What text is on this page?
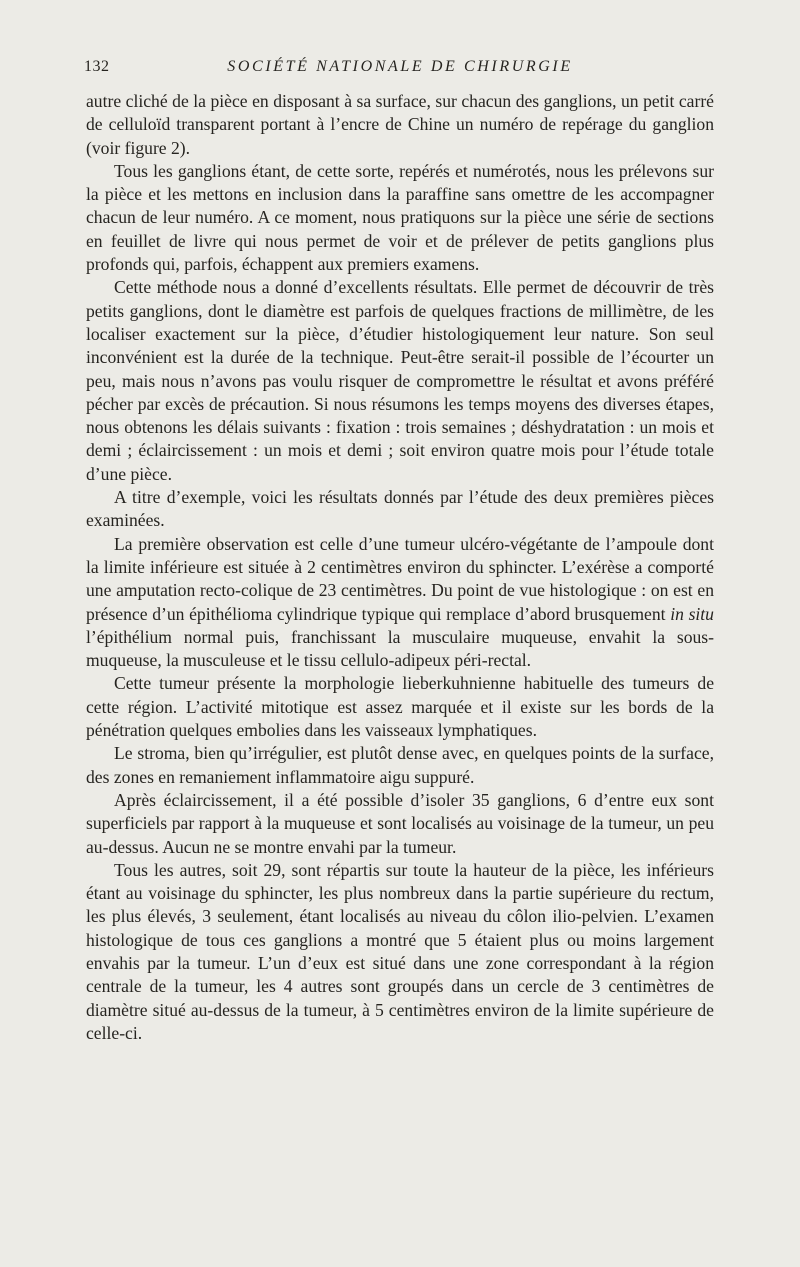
132	SOCIÉTÉ NATIONALE DE CHIRURGIE

autre cliché de la pièce en disposant à sa surface, sur chacun des ganglions, un petit carré de celluloïd transparent portant à l’encre de Chine un numéro de repérage du ganglion (voir figure 2).

Tous les ganglions étant, de cette sorte, repérés et numérotés, nous les prélevons sur la pièce et les mettons en inclusion dans la paraffine sans omettre de les accompagner chacun de leur numéro. A ce moment, nous pratiquons sur la pièce une série de sections en feuillet de livre qui nous permet de voir et de prélever de petits ganglions plus profonds qui, parfois, échappent aux premiers examens.

Cette méthode nous a donné d’excellents résultats. Elle permet de découvrir de très petits ganglions, dont le diamètre est parfois de quelques fractions de millimètre, de les localiser exactement sur la pièce, d’étudier histologiquement leur nature. Son seul inconvénient est la durée de la technique. Peut-être serait-il possible de l’écourter un peu, mais nous n’avons pas voulu risquer de compromettre le résultat et avons préféré pécher par excès de précaution. Si nous résumons les temps moyens des diverses étapes, nous obtenons les délais suivants : fixation : trois semaines ; déshydratation : un mois et demi ; éclaircissement : un mois et demi ; soit environ quatre mois pour l’étude totale d’une pièce.

A titre d’exemple, voici les résultats donnés par l’étude des deux premières pièces examinées.

La première observation est celle d’une tumeur ulcéro-végétante de l’ampoule dont la limite inférieure est située à 2 centimètres environ du sphincter. L’exérèse a comporté une amputation recto-colique de 23 centimètres. Du point de vue histologique : on est en présence d’un épithélioma cylindrique typique qui remplace d’abord brusquement in situ l’épithélium normal puis, franchissant la musculaire muqueuse, envahit la sous-muqueuse, la musculeuse et le tissu cellulo-adipeux péri-rectal.

Cette tumeur présente la morphologie lieberkuhnienne habituelle des tumeurs de cette région. L’activité mitotique est assez marquée et il existe sur les bords de la pénétration quelques embolies dans les vaisseaux lymphatiques.

Le stroma, bien qu’irrégulier, est plutôt dense avec, en quelques points de la surface, des zones en remaniement inflammatoire aigu suppuré.

Après éclaircissement, il a été possible d’isoler 35 ganglions, 6 d’entre eux sont superficiels par rapport à la muqueuse et sont localisés au voisinage de la tumeur, un peu au-dessus. Aucun ne se montre envahi par la tumeur.

Tous les autres, soit 29, sont répartis sur toute la hauteur de la pièce, les inférieurs étant au voisinage du sphincter, les plus nombreux dans la partie supérieure du rectum, les plus élevés, 3 seulement, étant localisés au niveau du côlon ilio-pelvien. L’examen histologique de tous ces ganglions a montré que 5 étaient plus ou moins largement envahis par la tumeur. L’un d’eux est situé dans une zone correspondant à la région centrale de la tumeur, les 4 autres sont groupés dans un cercle de 3 centimètres de diamètre situé au-dessus de la tumeur, à 5 centimètres environ de la limite supérieure de celle-ci.
